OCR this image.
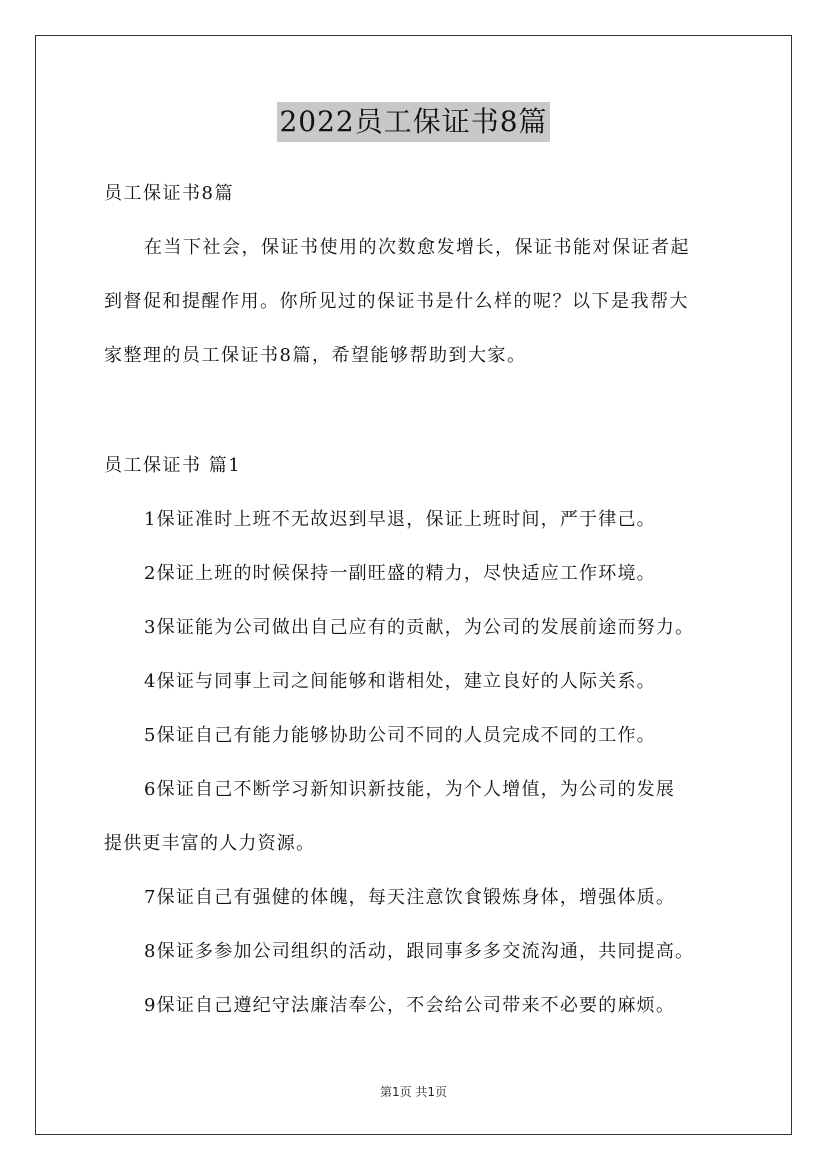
2022员工保证书8篇

员工保证书8篇

在当下社会，保证书使用的次数愈发增长，保证书能对保证者起
到督促和提醒作用。你所见过的保证书是什么样的呢？以下是我帮大
家整理的员工保证书8篇，希望能够帮助到大家。

员工保证书 篇1

1保证准时上班不无故迟到早退，保证上班时间，严于律己。
2保证上班的时候保持一副旺盛的精力，尽快适应工作环境。
3保证能为公司做出自己应有的贡献，为公司的发展前途而努力。
4保证与同事上司之间能够和谐相处，建立良好的人际关系。
5保证自己有能力能够协助公司不同的人员完成不同的工作。
6保证自己不断学习新知识新技能，为个人增值，为公司的发展
提供更丰富的人力资源。
7保证自己有强健的体魄，每天注意饮食锻炼身体，增强体质。
8保证多参加公司组织的活动，跟同事多多交流沟通，共同提高。
9保证自己遵纪守法廉洁奉公，不会给公司带来不必要的麻烦。
第1页 共1页
